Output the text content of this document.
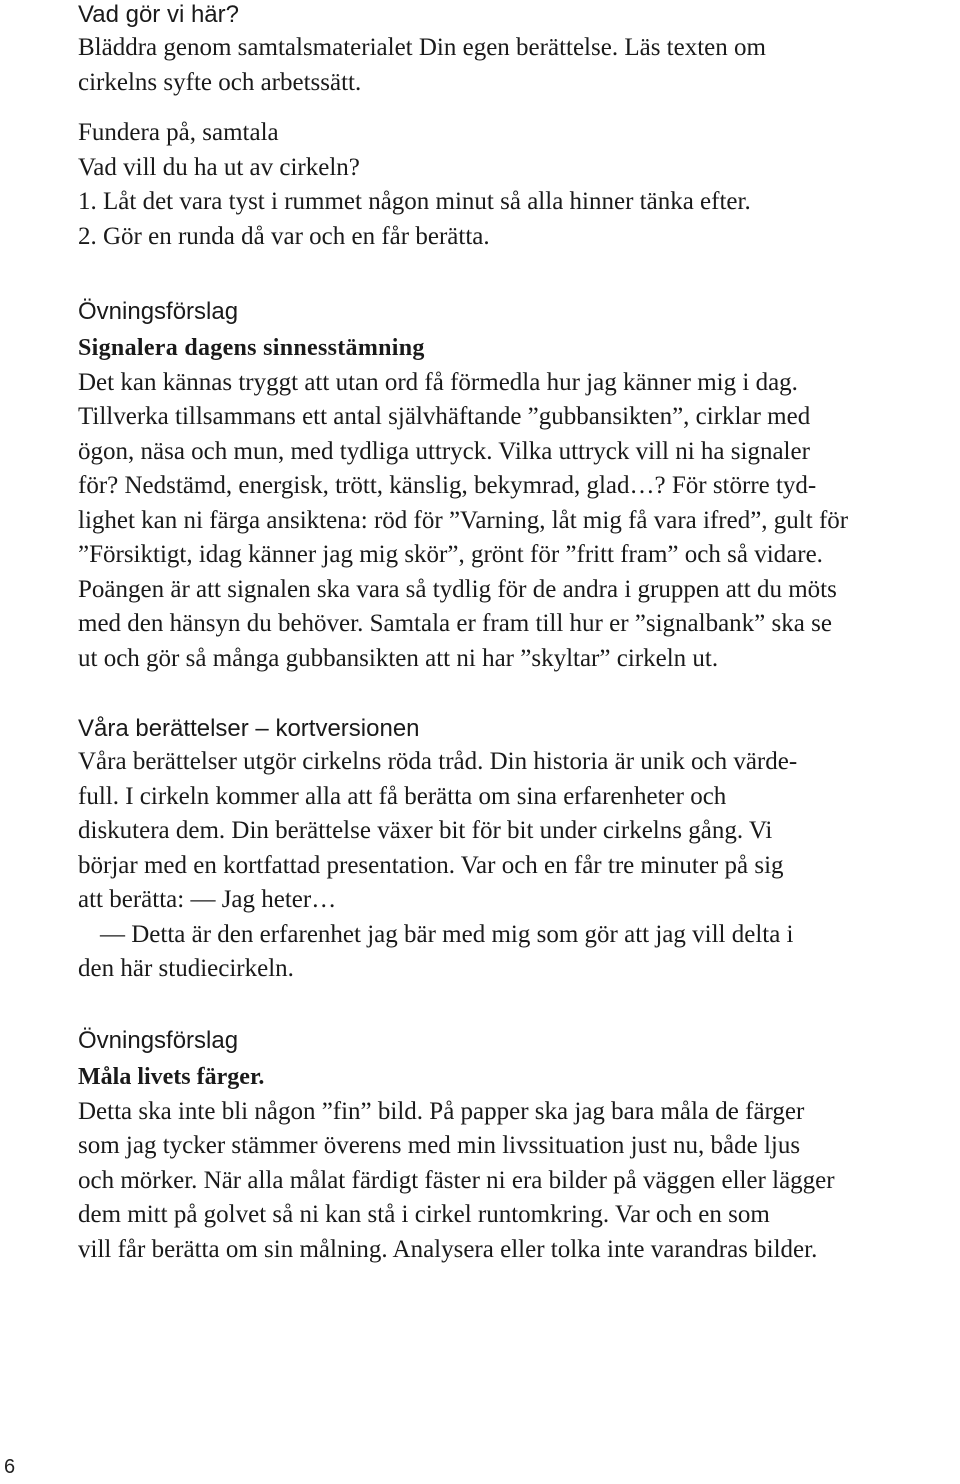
Vad gör vi här?
Bläddra genom samtalsmaterialet Din egen berättelse. Läs texten om
cirkelns syfte och arbetssätt.
Fundera på, samtala
Vad vill du ha ut av cirkeln?
1. Låt det vara tyst i rummet någon minut så alla hinner tänka efter.
2. Gör en runda då var och en får berätta.
Övningsförslag
Signalera dagens sinnesstämning
Det kan kännas tryggt att utan ord få förmedla hur jag känner mig i dag.
Tillverka tillsammans ett antal självhäftande ”gubbansikten”, cirklar med
ögon, näsa och mun, med tydliga uttryck. Vilka uttryck vill ni ha signaler
för? Nedstämd, energisk, trött, känslig, bekymrad, glad…? För större tyd-
lighet kan ni färga ansiktena: röd för ”Varning, låt mig få vara ifred”, gult för
”Försiktigt, idag känner jag mig skör”, grönt för ”fritt fram” och så vidare.
Poängen är att signalen ska vara så tydlig för de andra i gruppen att du möts
med den hänsyn du behöver. Samtala er fram till hur er ”signalbank” ska se
ut och gör så många gubbansikten att ni har ”skyltar” cirkeln ut.
Våra berättelser – kortversionen
Våra berättelser utgör cirkelns röda tråd. Din historia är unik och värde-
full. I cirkeln kommer alla att få berätta om sina erfarenheter och
diskutera dem. Din berättelse växer bit för bit under cirkelns gång. Vi
börjar med en kortfattad presentation. Var och en får tre minuter på sig
att berätta: — Jag heter…
— Detta är den erfarenhet jag bär med mig som gör att jag vill delta i
den här studiecirkeln.
Övningsförslag
Måla livets färger.
Detta ska inte bli någon ”fin” bild. På papper ska jag bara måla de färger
som jag tycker stämmer överens med min livssituation just nu, både ljus
och mörker. När alla målat färdigt fäster ni era bilder på väggen eller lägger
dem mitt på golvet så ni kan stå i cirkel runtomkring. Var och en som
vill får berätta om sin målning. Analysera eller tolka inte varandras bilder.
6
